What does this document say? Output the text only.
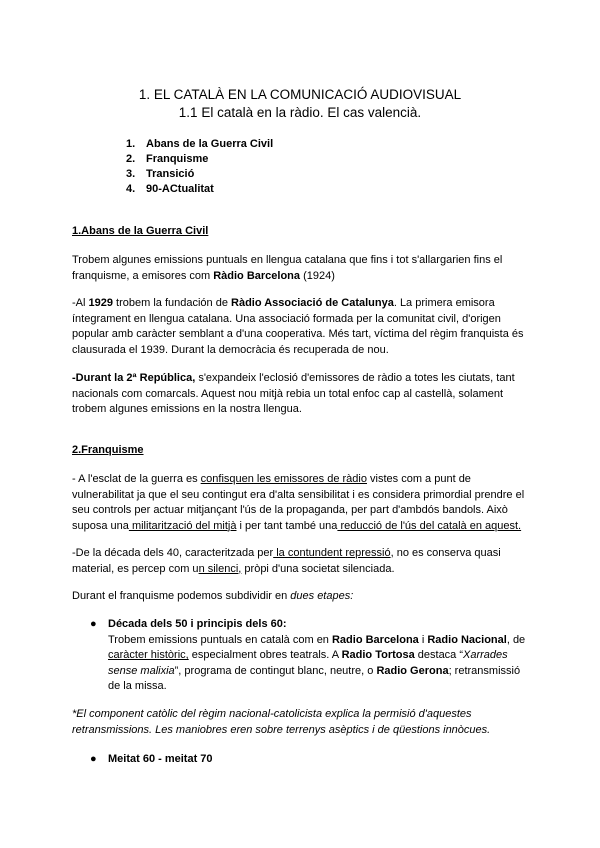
1. EL CATALÀ EN LA COMUNICACIÓ AUDIOVISUAL
1.1 El català en la ràdio. El cas valencià.
1. Abans de la Guerra Civil
2. Franquisme
3. Transició
4. 90-ACtualitat
1.Abans de la Guerra Civil
Trobem algunes emissions puntuals en llengua catalana que fins i tot s'allargarien fins el franquisme, a emisores com Ràdio Barcelona (1924)
-Al 1929 trobem la fundación de Ràdio Associació de Catalunya. La primera emisora íntegrament en llengua catalana. Una associació formada per la comunitat civil, d'origen popular amb caràcter semblant a d'una cooperativa. Més tart, víctima del règim franquista és clausurada el 1939. Durant la democràcia és recuperada de nou.
-Durant la 2ª República, s'expandeix l'eclosió d'emissores de ràdio a totes les ciutats, tant nacionals com comarcals. Aquest nou mitjà rebia un total enfoc cap al castellà, solament trobem algunes emissions en la nostra llengua.
2.Franquisme
- A l'esclat de la guerra es confisquen les emissores de ràdio vistes com a punt de vulnerabilitat ja que el seu contingut era d'alta sensibilitat i es considera primordial prendre el seu controls per actuar mitjançant l'ús de la propaganda, per part d'ambdós bandols. Això suposa una militarització del mitjà i per tant també una reducció de l'ús del català en aquest.
-De la década dels 40, caracteritzada per la contundent repressió, no es conserva quasi material, es percep com un silenci, pròpi d'una societat silenciada.
Durant el franquisme podemos subdividir en dues etapes:
● Década dels 50 i principis dels 60:
Trobem emissions puntuals en català com en Radio Barcelona i Radio Nacional, de caràcter històric, especialment obres teatrals. A Radio Tortosa destaca “Xarrades sense malixia”, programa de contingut blanc, neutre, o Radio Gerona; retransmissió de la missa.
*El component catòlic del règim nacional-catolicista explica la permisió d'aquestes retransmissions. Les maniobres eren sobre terrenys asèptics i de qüestions innòcues.
● Meitat 60 - meitat 70
